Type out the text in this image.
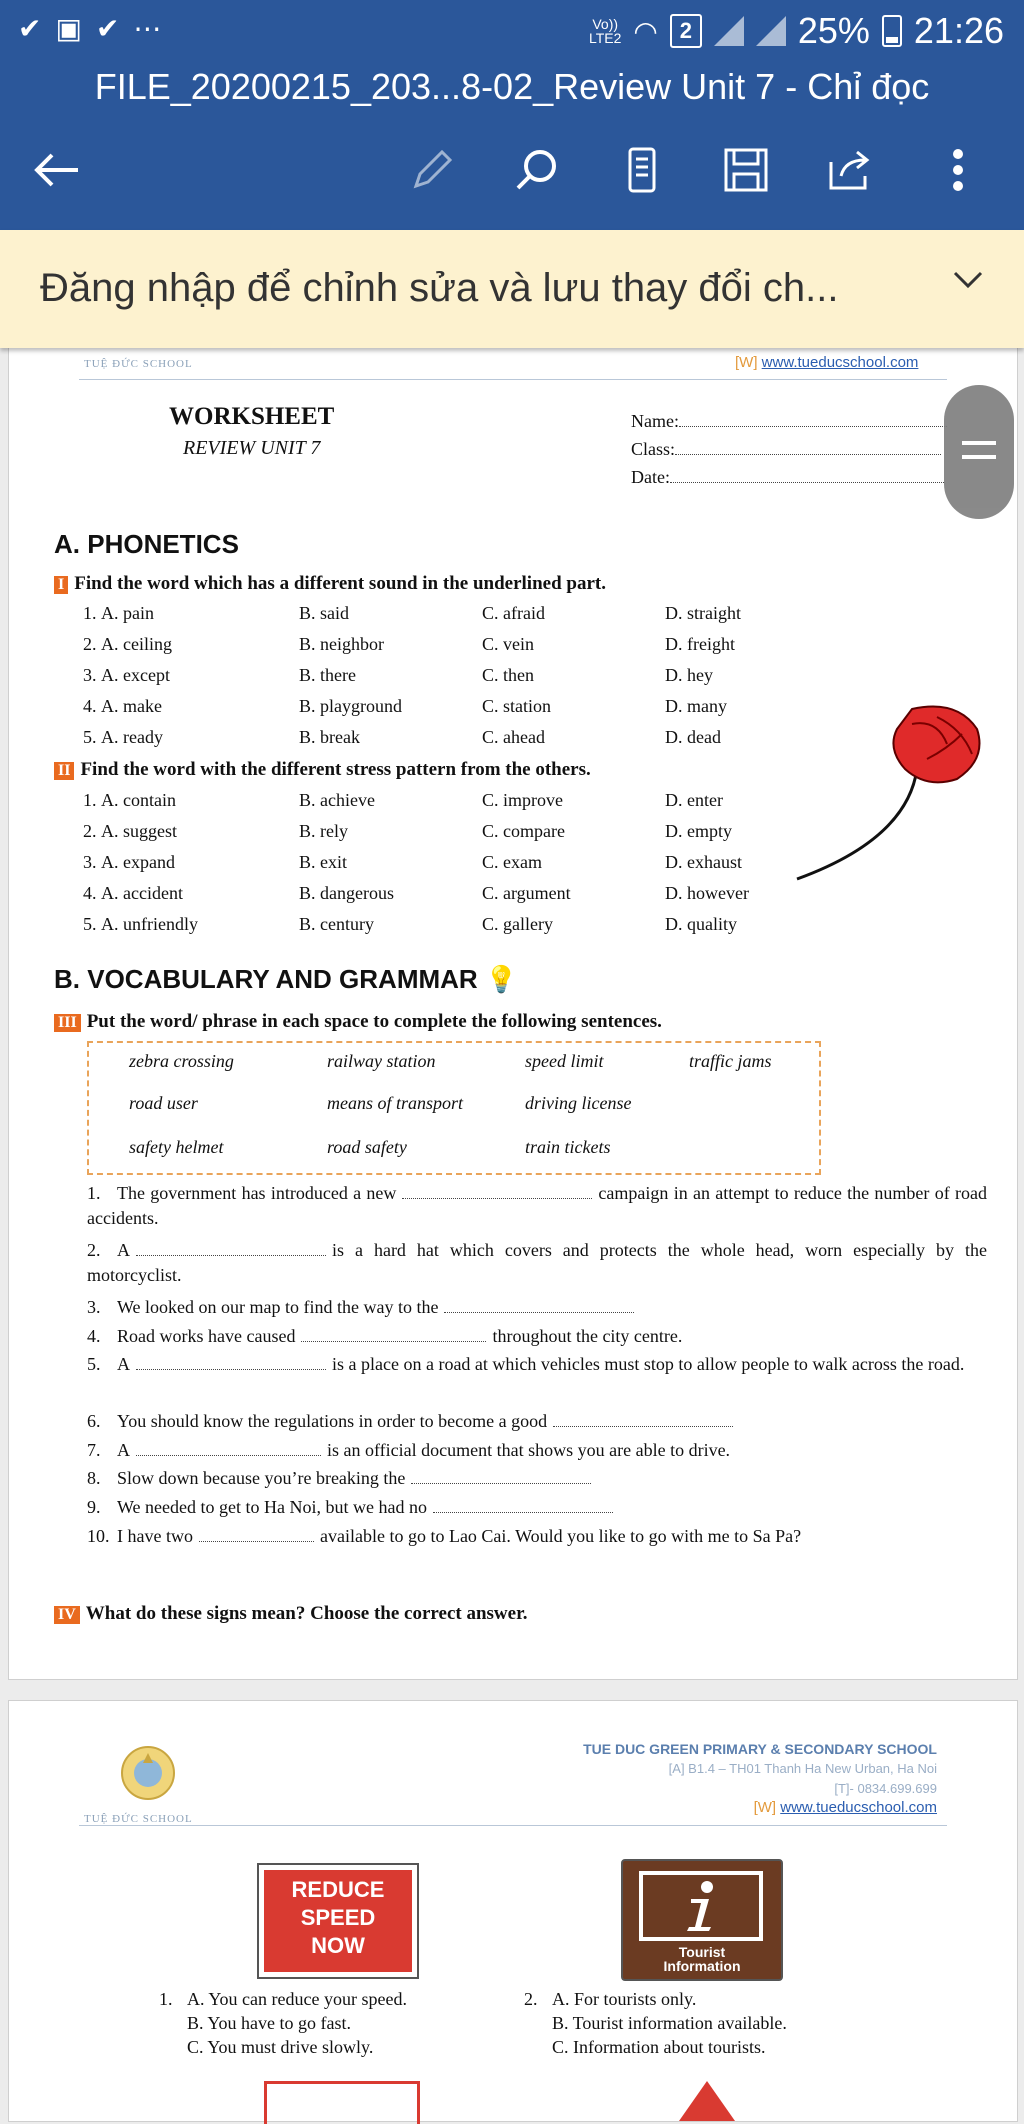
✔▣✔⋯	Vo))
LTE2 ◠ 2	25% 21:26
FILE_20200215_203...8-02_Review Unit 7 - Chỉ đọc
Đăng nhập để chỉnh sửa và lưu thay đổi ch...
TUỆ ĐỨC SCHOOL	[W] www.tueducschool.com
WORKSHEET
REVIEW UNIT 7
Name:
Class:
Date:
A. PHONETICS
I Find the word which has a different sound in the underlined part.
1. A. pain	B. said	C. afraid	D. straight
2. A. ceiling	B. neighbor	C. vein	D. freight
3. A. except	B. there	C. then	D. hey
4. A. make	B. playground	C. station	D. many
5. A. ready	B. break	C. ahead	D. dead
II Find the word with the different stress pattern from the others.
1. A. contain	B. achieve	C. improve	D. enter
2. A. suggest	B. rely	C. compare	D. empty
3. A. expand	B. exit	C. exam	D. exhaust
4. A. accident	B. dangerous	C. argument	D. however
5. A. unfriendly	B. century	C. gallery	D. quality
B. VOCABULARY AND GRAMMAR 💡
III Put the word/ phrase in each space to complete the following sentences.
zebra crossing	railway station	speed limit	traffic jams
road user	means of transport	driving license
safety helmet	road safety	train tickets
1. The government has introduced a new	campaign in an attempt to reduce the number of road accidents.
2. A	is a hard hat which covers and protects the whole head, worn especially by the motorcyclist.
3. We looked on our map to find the way to the
4. Road works have caused	throughout the city centre.
5. A	is a place on a road at which vehicles must stop to allow people to walk across the road.
6. You should know the regulations in order to become a good
7. A	is an official document that shows you are able to drive.
8. Slow down because you’re breaking the
9. We needed to get to Ha Noi, but we had no
10. I have two	available to go to Lao Cai. Would you like to go with me to Sa Pa?
IV What do these signs mean? Choose the correct answer.
TUỆ ĐỨC SCHOOL
TUE DUC GREEN PRIMARY & SECONDARY SCHOOL
[A] B1.4 – TH01 Thanh Ha New Urban, Ha Noi
[T]- 0834.699.699
[W] www.tueducschool.com
REDUCE
SPEED
NOW	Tourist
Information
1. A. You can reduce your speed.
B. You have to go fast.
C. You must drive slowly.
2. A. For tourists only.
B. Tourist information available.
C. Information about tourists.
